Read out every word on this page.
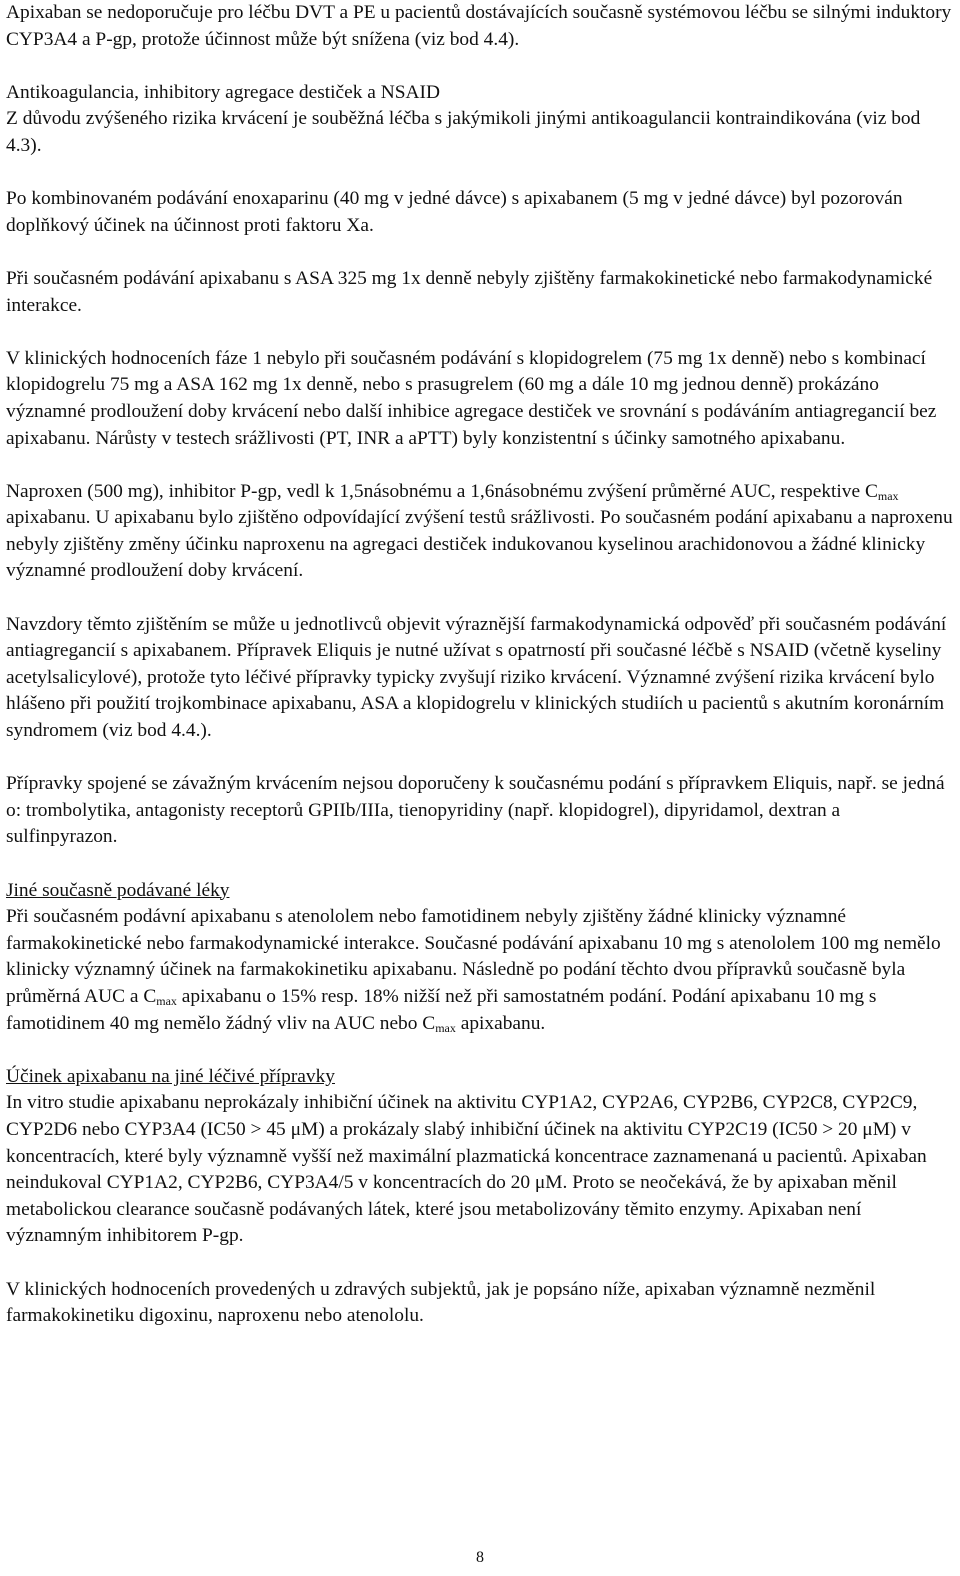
Apixaban se nedoporučuje pro léčbu DVT a PE u pacientů dostávajících současně systémovou léčbu se silnými induktory CYP3A4 a P-gp, protože účinnost může být snížena (viz bod 4.4).

Antikoagulancia, inhibitory agregace destiček a NSAID

Z důvodu zvýšeného rizika krvácení je souběžná léčba s jakýmikoli jinými antikoagulancii kontraindikována (viz bod 4.3).

Po kombinovaném podávání enoxaparinu (40 mg v jedné dávce) s apixabanem (5 mg v jedné dávce) byl pozorován doplňkový účinek na účinnost proti faktoru Xa.

Při současném podávání apixabanu s ASA 325 mg 1x denně nebyly zjištěny farmakokinetické nebo farmakodynamické interakce.

V klinických hodnoceních fáze 1 nebylo při současném podávání s klopidogrelem (75 mg 1x denně) nebo s kombinací klopidogrelu 75 mg a ASA 162 mg 1x denně, nebo s prasugrelem (60 mg a dále 10 mg jednou denně) prokázáno významné prodloužení doby krvácení nebo další inhibice agregace destiček ve srovnání s podáváním antiagregancií bez apixabanu. Nárůsty v testech srážlivosti (PT, INR a aPTT) byly konzistentní s účinky samotného apixabanu.

Naproxen (500 mg), inhibitor P-gp, vedl k 1,5násobnému a 1,6násobnému zvýšení průměrné AUC, respektive $C_{max}$ apixabanu. U apixabanu bylo zjištěno odpovídající zvýšení testů srážlivosti. Po současném podání apixabanu a naproxenu nebyly zjištěny změny účinku naproxenu na agregaci destiček indukovanou kyselinou arachidonovou a žádné klinicky významné prodloužení doby krvácení.

Navzdory těmto zjištěním se může u jednotlivců objevit výraznější farmakodynamická odpověď při současném podávání antiagregancií s apixabanem. Přípravek Eliquis je nutné užívat s opatrností při současné léčbě s NSAID (včetně kyseliny acetylsalicylové), protože tyto léčivé přípravky typicky zvyšují riziko krvácení. Významné zvýšení rizika krvácení bylo hlášeno při použití trojkombinace apixabanu, ASA a klopidogrelu v klinických studiích u pacientů s akutním koronárním syndromem (viz bod 4.4.).

Přípravky spojené se závažným krvácením nejsou doporučeny k současnému podání s přípravkem Eliquis, např. se jedná o: trombolytika, antagonisty receptorů GPIIb/IIIa, tienopyridiny (např. klopidogrel), dipyridamol, dextran a sulfinpyrazon.

Jiné současně podávané léky

Při současném podávní apixabanu s atenololem nebo famotidinem nebyly zjištěny žádné klinicky významné farmakokinetické nebo farmakodynamické interakce. Současné podávání apixabanu 10 mg s atenololem 100 mg nemělo klinicky významný účinek na farmakokinetiku apixabanu. Následně po podání těchto dvou přípravků současně byla průměrná AUC a $C_{max}$ apixabanu o 15% resp. 18% nižší než při samostatném podání. Podání apixabanu 10 mg s famotidinem 40 mg nemělo žádný vliv na AUC nebo $C_{max}$ apixabanu.

Účinek apixabanu na jiné léčivé přípravky

In vitro studie apixabanu neprokázaly inhibiční účinek na aktivitu CYP1A2, CYP2A6, CYP2B6, CYP2C8, CYP2C9, CYP2D6 nebo CYP3A4 (IC50 > 45 μM) a prokázaly slabý inhibiční účinek na aktivitu CYP2C19 (IC50 > 20 μM) v koncentracích, které byly významně vyšší než maximální plazmatická koncentrace zaznamenaná u pacientů. Apixaban neindukoval CYP1A2, CYP2B6, CYP3A4/5 v koncentracích do 20 μM. Proto se neočekává, že by apixaban měnil metabolickou clearance současně podávaných látek, které jsou metabolizovány těmito enzymy. Apixaban není významným inhibitorem P-gp.

V klinických hodnoceních provedených u zdravých subjektů, jak je popsáno níže, apixaban významně nezměnil farmakokinetiku digoxinu, naproxenu nebo atenololu.

8
